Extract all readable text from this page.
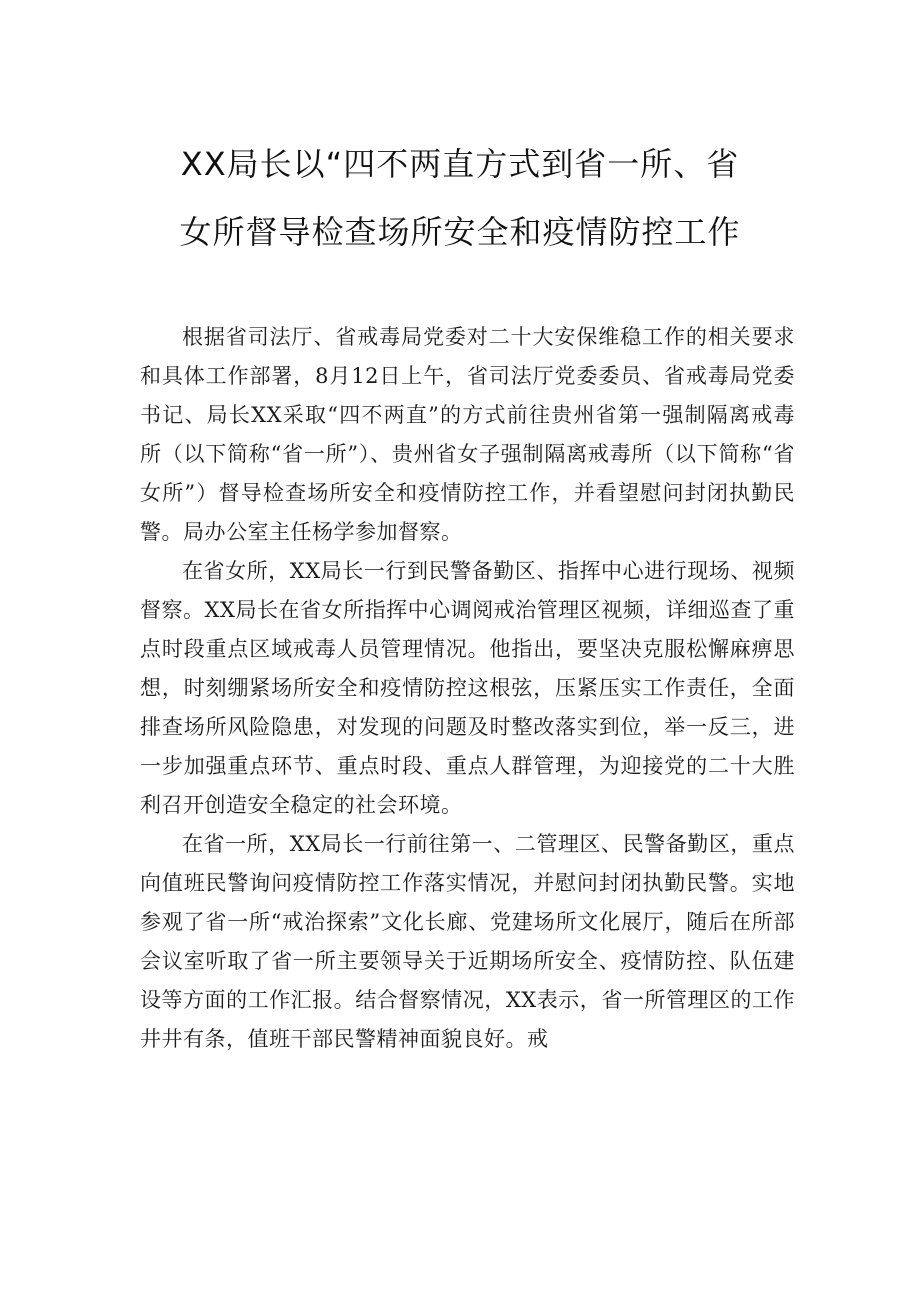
XX局长以“四不两直方式到省一所、省
女所督导检查场所安全和疫情防控工作

根据省司法厅、省戒毒局党委对二十大安保维稳工作的相关要求和具体工作部署，8月12日上午，省司法厅党委委员、省戒毒局党委书记、局长XX采取“四不两直”的方式前往贵州省第一强制隔离戒毒所（以下简称“省一所”）、贵州省女子强制隔离戒毒所（以下简称“省女所”）督导检查场所安全和疫情防控工作，并看望慰问封闭执勤民警。局办公室主任杨学参加督察。

在省女所，XX局长一行到民警备勤区、指挥中心进行现场、视频督察。XX局长在省女所指挥中心调阅戒治管理区视频，详细巡查了重点时段重点区域戒毒人员管理情况。他指出，要坚决克服松懈麻痹思想，时刻绷紧场所安全和疫情防控这根弦，压紧压实工作责任，全面排查场所风险隐患，对发现的问题及时整改落实到位，举一反三，进一步加强重点环节、重点时段、重点人群管理，为迎接党的二十大胜利召开创造安全稳定的社会环境。

在省一所，XX局长一行前往第一、二管理区、民警备勤区，重点向值班民警询问疫情防控工作落实情况，并慰问封闭执勤民警。实地参观了省一所“戒治探索”文化长廊、党建场所文化展厅，随后在所部会议室听取了省一所主要领导关于近期场所安全、疫情防控、队伍建设等方面的工作汇报。结合督察情况，XX表示，省一所管理区的工作井井有条，值班干部民警精神面貌良好。戒
